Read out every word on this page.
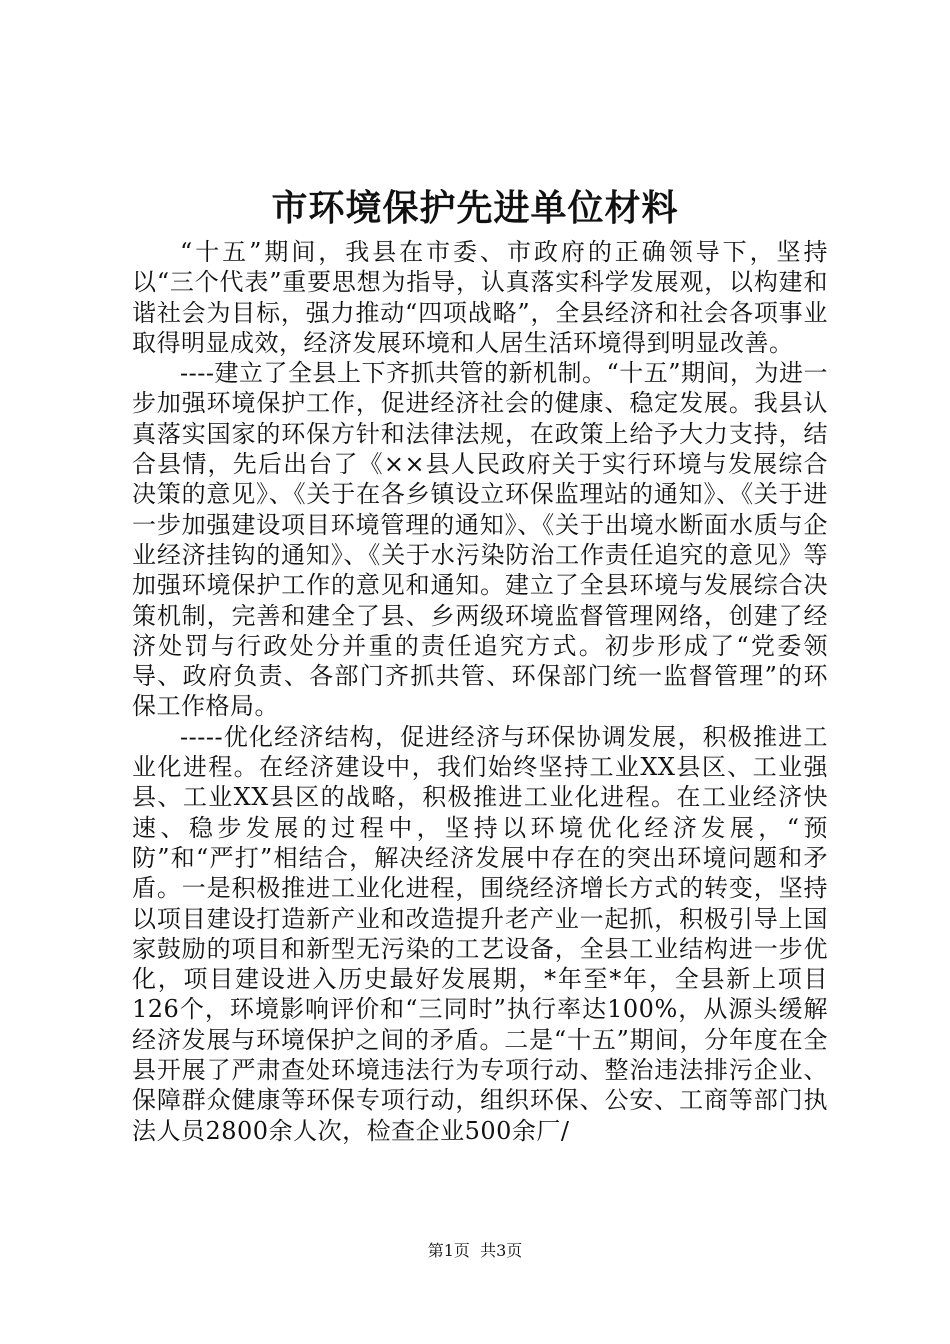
市环境保护先进单位材料

“十五”期间，我县在市委、市政府的正确领导下，坚持以“三个代表”重要思想为指导，认真落实科学发展观，以构建和谐社会为目标，强力推动“四项战略”，全县经济和社会各项事业取得明显成效，经济发展环境和人居生活环境得到明显改善。

----建立了全县上下齐抓共管的新机制。“十五”期间，为进一步加强环境保护工作，促进经济社会的健康、稳定发展。我县认真落实国家的环保方针和法律法规，在政策上给予大力支持，结合县情，先后出台了《××县人民政府关于实行环境与发展综合决策的意见》、《关于在各乡镇设立环保监理站的通知》、《关于进一步加强建设项目环境管理的通知》、《关于出境水断面水质与企业经济挂钩的通知》、《关于水污染防治工作责任追究的意见》等加强环境保护工作的意见和通知。建立了全县环境与发展综合决策机制，完善和建全了县、乡两级环境监督管理网络，创建了经济处罚与行政处分并重的责任追究方式。初步形成了“党委领导、政府负责、各部门齐抓共管、环保部门统一监督管理”的环保工作格局。

-----优化经济结构，促进经济与环保协调发展，积极推进工业化进程。在经济建设中，我们始终坚持工业XX县区、工业强县、工业XX县区的战略，积极推进工业化进程。在工业经济快速、稳步发展的过程中，坚持以环境优化经济发展，“预防”和“严打”相结合，解决经济发展中存在的突出环境问题和矛盾。一是积极推进工业化进程，围绕经济增长方式的转变，坚持以项目建设打造新产业和改造提升老产业一起抓，积极引导上国家鼓励的项目和新型无污染的工艺设备，全县工业结构进一步优化，项目建设进入历史最好发展期，*年至*年，全县新上项目126个，环境影响评价和“三同时”执行率达100%，从源头缓解经济发展与环境保护之间的矛盾。二是“十五”期间，分年度在全县开展了严肃查处环境违法行为专项行动、整治违法排污企业、保障群众健康等环保专项行动，组织环保、公安、工商等部门执法人员2800余人次，检查企业500余厂/

第1页  共3页
